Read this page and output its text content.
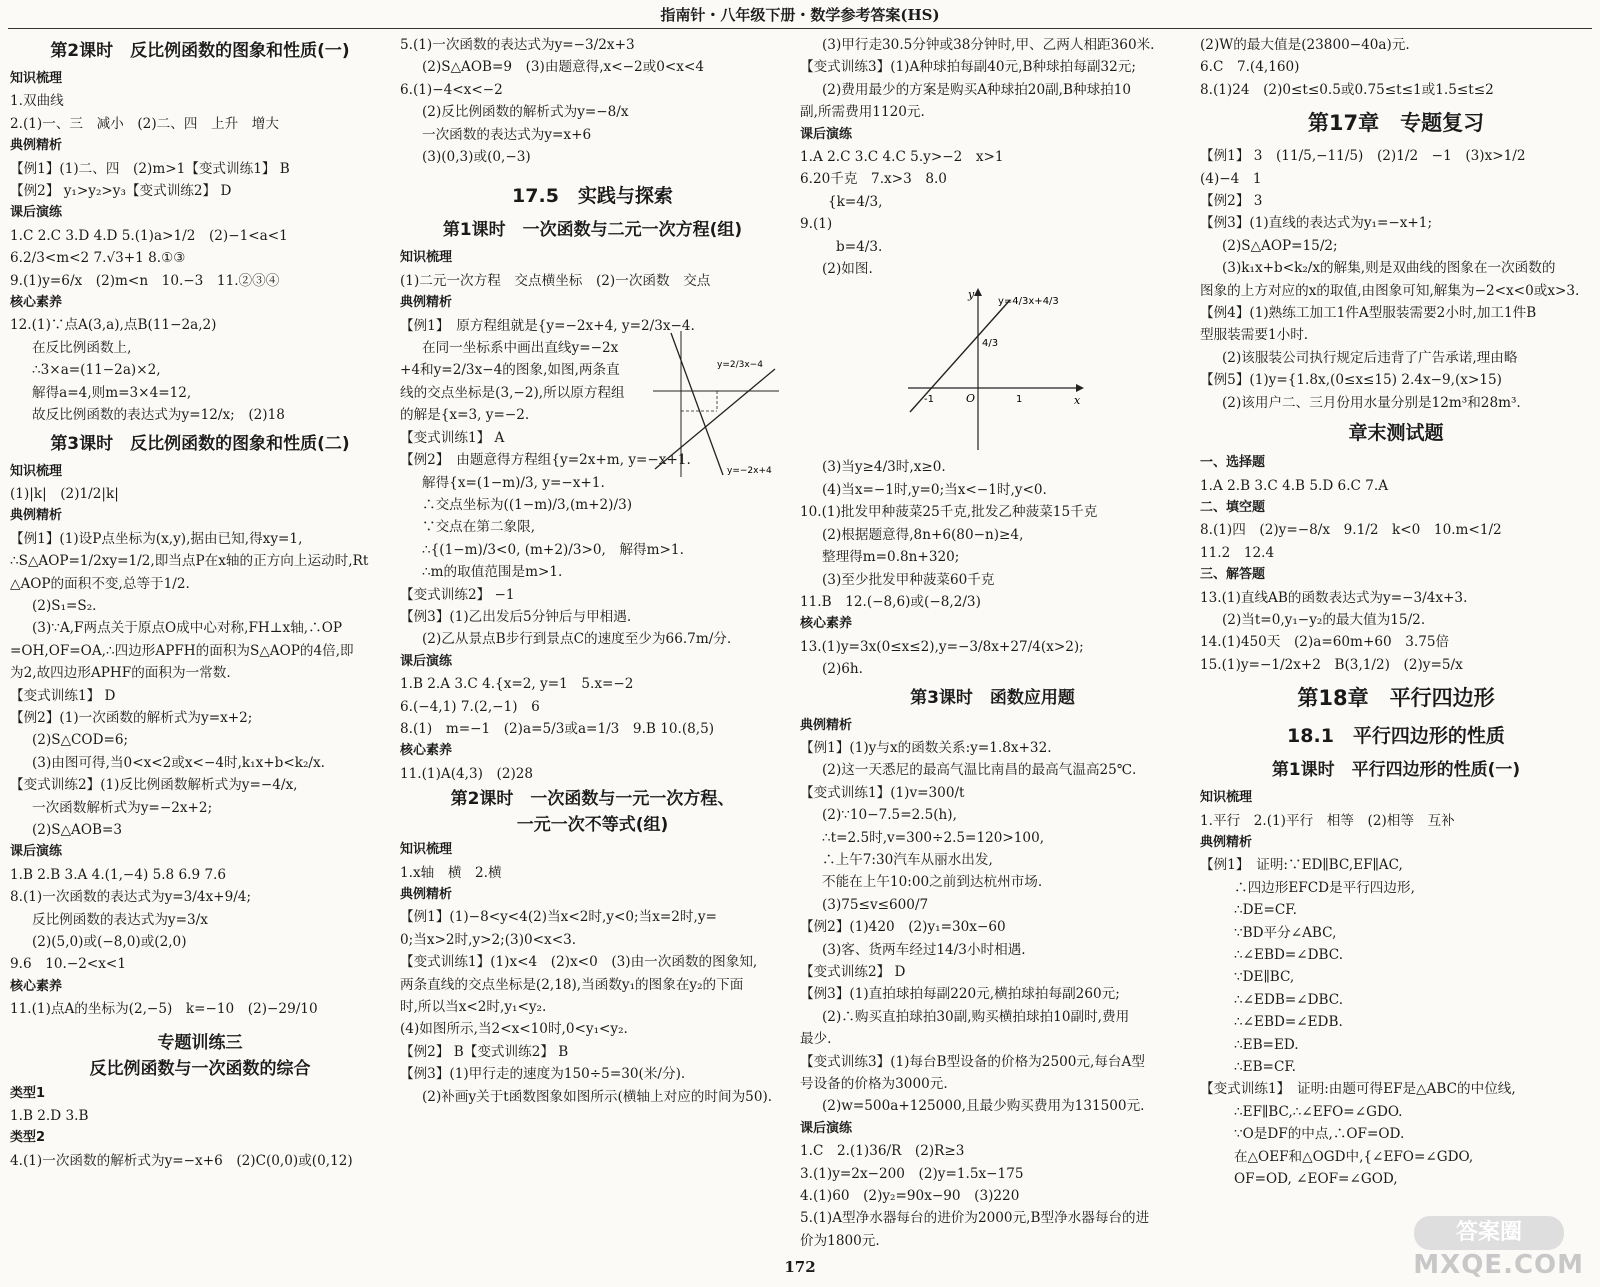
指南针・八年级下册・数学参考答案(HS)

第2课时　反比例函数的图象和性质(一)

知识梳理

1.双曲线

2.(1)一、三　减小　(2)二、四　上升　增大

典例精析

【例1】(1)二、四　(2)m>1【变式训练1】 B

【例2】 y₁>y₂>y₃【变式训练2】 D

课后演练

1.C 2.C 3.D 4.D 5.(1)a>1/2　(2)−1<a<1

6.2/3<m<2 7.√3+1 8.①③

9.(1)y=6/x　(2)m<n　10.−3　11.②③④

核心素养

12.(1)∵点A(3,a),点B(11−2a,2)

在反比例函数上,

∴3×a=(11−2a)×2,

解得a=4,则m=3×4=12,

故反比例函数的表达式为y=12/x;　(2)18

第3课时　反比例函数的图象和性质(二)

知识梳理

(1)|k|　(2)1/2|k|

典例精析

【例1】(1)设P点坐标为(x,y),据由已知,得xy=1,

∴S△AOP=1/2xy=1/2,即当点P在x轴的正方向上运动时,Rt

△AOP的面积不变,总等于1/2.

(2)S₁=S₂.

(3)∵A,F两点关于原点O成中心对称,FH⊥x轴,∴OP

=OH,OF=OA,∴四边形APFH的面积为S△AOP的4倍,即

为2,故四边形APHF的面积为一常数.

【变式训练1】 D

【例2】(1)一次函数的解析式为y=x+2;

(2)S△COD=6;

(3)由图可得,当0<x<2或x<−4时,k₁x+b<k₂/x.

【变式训练2】(1)反比例函数解析式为y=−4/x,

一次函数解析式为y=−2x+2;

(2)S△AOB=3

课后演练

1.B 2.B 3.A 4.(1,−4) 5.8 6.9 7.6

8.(1)一次函数的表达式为y=3/4x+9/4;

反比例函数的表达式为y=3/x

(2)(5,0)或(−8,0)或(2,0)

9.6　10.−2<x<1

核心素养

11.(1)点A的坐标为(2,−5)　k=−10　(2)−29/10

专题训练三

反比例函数与一次函数的综合

类型1

1.B 2.D 3.B

类型2

4.(1)一次函数的解析式为y=−x+6　(2)C(0,0)或(0,12)

5.(1)一次函数的表达式为y=−3/2x+3

(2)S△AOB=9　(3)由题意得,x<−2或0<x<4

6.(1)−4<x<−2

(2)反比例函数的解析式为y=−8/x

一次函数的表达式为y=x+6

(3)(0,3)或(0,−3)

17.5　实践与探索

第1课时　一次函数与二元一次方程(组)

知识梳理

(1)二元一次方程　交点横坐标　(2)一次函数　交点

典例精析

y=2/3x−4
y=−2x+4

【例1】　原方程组就是{y=−2x+4, y=2/3x−4.

在同一坐标系中画出直线y=−2x

+4和y=2/3x−4的图象,如图,两条直

线的交点坐标是(3,−2),所以原方程组

的解是{x=3, y=−2.

【变式训练1】 A

【例2】　由题意得方程组{y=2x+m, y=−x+1.

解得{x=(1−m)/3, y=−x+1.

∴交点坐标为((1−m)/3,(m+2)/3)

∵交点在第二象限,

∴{(1−m)/3<0, (m+2)/3>0,　解得m>1.

∴m的取值范围是m>1.

【变式训练2】 −1

【例3】(1)乙出发后5分钟后与甲相遇.

(2)乙从景点B步行到景点C的速度至少为66.7m/分.

课后演练

1.B 2.A 3.C 4.{x=2, y=1　5.x=−2

6.(−4,1) 7.(2,−1)　6

8.(1)　m=−1　(2)a=5/3或a=1/3　9.B 10.(8,5)

核心素养

11.(1)A(4,3)　(2)28

第2课时　一次函数与一元一次方程、

一元一次不等式(组)

知识梳理

1.x轴　横　2.横

典例精析

【例1】(1)−8<y<4(2)当x<2时,y<0;当x=2时,y=

0;当x>2时,y>2;(3)0<x<3.

【变式训练1】(1)x<4　(2)x<0　(3)由一次函数的图象知,

两条直线的交点坐标是(2,18),当函数y₁的图象在y₂的下面

时,所以当x<2时,y₁<y₂.

(4)如图所示,当2<x<10时,0<y₁<y₂.

【例2】 B【变式训练2】 B

【例3】(1)甲行走的速度为150÷5=30(米/分).

(2)补画y关于t函数图象如图所示(横轴上对应的时间为50).

(3)甲行走30.5分钟或38分钟时,甲、乙两人相距360米.

【变式训练3】(1)A种球拍每副40元,B种球拍每副32元;

(2)费用最少的方案是购买A种球拍20副,B种球拍10

副,所需费用1120元.

课后演练

1.A 2.C 3.C 4.C 5.y>−2　x>1

6.20千克　7.x>3　8.0

{k=4/3,

9.(1)

b=4/3.

(2)如图.

y
x
O
-1	1
4/3
y=4/3x+4/3

(3)当y≥4/3时,x≥0.

(4)当x=−1时,y=0;当x<−1时,y<0.

10.(1)批发甲种菠菜25千克,批发乙种菠菜15千克

(2)根据题意得,8n+6(80−n)≥4,

整理得m=0.8n+320;

(3)至少批发甲种菠菜60千克

11.B　12.(−8,6)或(−8,2/3)

核心素养

13.(1)y=3x(0≤x≤2),y=−3/8x+27/4(x>2);

(2)6h.

第3课时　函数应用题

典例精析

【例1】(1)y与x的函数关系:y=1.8x+32.

(2)这一天悉尼的最高气温比南昌的最高气温高25℃.

【变式训练1】(1)v=300/t

(2)∵10−7.5=2.5(h),

∴t=2.5时,v=300÷2.5=120>100,

∴上午7:30汽车从丽水出发,

不能在上午10:00之前到达杭州市场.

(3)75≤v≤600/7

【例2】(1)420　(2)y₁=30x−60

(3)客、货两车经过14/3小时相遇.

【变式训练2】 D

【例3】(1)直拍球拍每副220元,横拍球拍每副260元;

(2)∴购买直拍球拍30副,购买横拍球拍10副时,费用

最少.

【变式训练3】(1)每台B型设备的价格为2500元,每台A型

号设备的价格为3000元.

(2)w=500a+125000,且最少购买费用为131500元.

课后演练

1.C　2.(1)36/R　(2)R≥3

3.(1)y=2x−200　(2)y=1.5x−175

4.(1)60　(2)y₂=90x−90　(3)220

5.(1)A型净水器每台的进价为2000元,B型净水器每台的进

价为1800元.

(2)W的最大值是(23800−40a)元.

6.C　7.(4,160)

8.(1)24　(2)0≤t≤0.5或0.75≤t≤1或1.5≤t≤2

第17章　专题复习

【例1】 3　(11/5,−11/5)　(2)1/2　−1　(3)x>1/2

(4)−4　1

【例2】 3

【例3】(1)直线的表达式为y₁=−x+1;

(2)S△AOP=15/2;

(3)k₁x+b<k₂/x的解集,则是双曲线的图象在一次函数的

图象的上方对应的x的取值,由图象可知,解集为−2<x<0或x>3.

【例4】(1)熟练工加工1件A型服装需要2小时,加工1件B

型服装需要1小时.

(2)该服装公司执行规定后违背了广告承诺,理由略

【例5】(1)y={1.8x,(0≤x≤15) 2.4x−9,(x>15)

(2)该用户二、三月份用水量分别是12m³和28m³.

章末测试题

一、选择题

1.A 2.B 3.C 4.B 5.D 6.C 7.A

二、填空题

8.(1)四　(2)y=−8/x　9.1/2　k<0　10.m<1/2

11.2　12.4

三、解答题

13.(1)直线AB的函数表达式为y=−3/4x+3.

(2)当t=0,y₁−y₂的最大值为15/2.

14.(1)450天　(2)a=60m+60　3.75倍

15.(1)y=−1/2x+2　B(3,1/2)　(2)y=5/x

第18章　平行四边形

18.1　平行四边形的性质

第1课时　平行四边形的性质(一)

知识梳理

1.平行　2.(1)平行　相等　(2)相等　互补

典例精析

【例1】　证明:∵ED∥BC,EF∥AC,

∴四边形EFCD是平行四边形,

∴DE=CF.

∵BD平分∠ABC,

∴∠EBD=∠DBC.

∵DE∥BC,

∴∠EDB=∠DBC.

∴∠EBD=∠EDB.

∴EB=ED.

∴EB=CF.

【变式训练1】　证明:由题可得EF是△ABC的中位线,

∴EF∥BC,∴∠EFO=∠GDO.

∵O是DF的中点,∴OF=OD.

在△OEF和△OGD中,{∠EFO=∠GDO, OF=OD, ∠EOF=∠GOD,

172
答案圈
MXQE.COM
